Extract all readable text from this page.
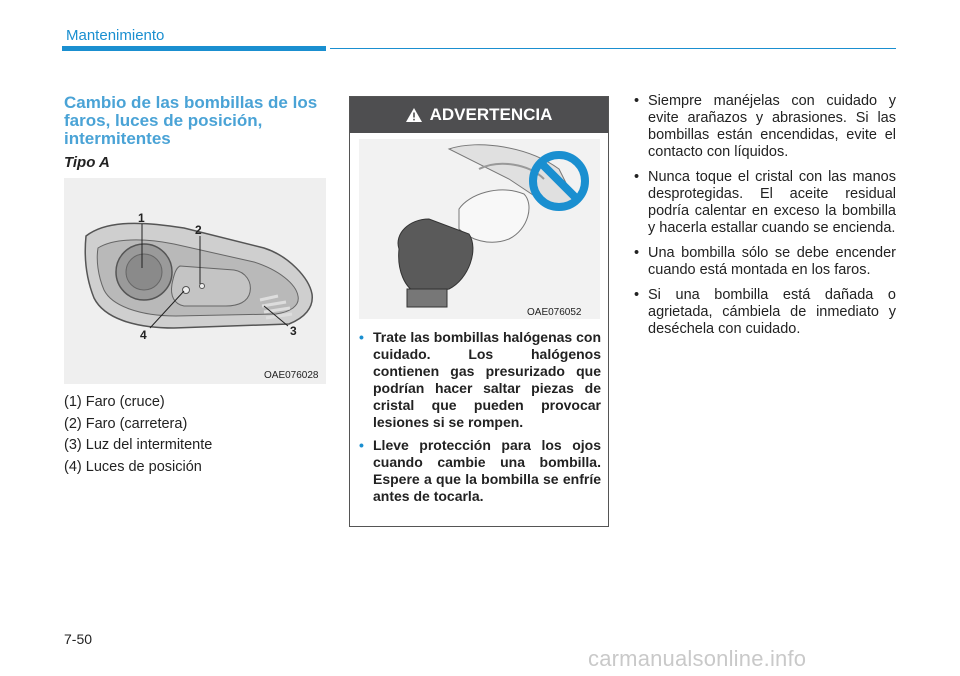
Mantenimiento
Cambio de las bombillas de los faros, luces de posición, intermitentes
Tipo A
1
2
3
4
OAE076028
(1) Faro (cruce)
(2) Faro (carretera)
(3) Luz del intermitente
(4) Luces de posición
ADVERTENCIA
OAE076052
• Trate las bombillas halógenas con cuidado. Los halógenos contienen gas presurizado que podrían hacer saltar piezas de cristal que pueden provocar lesiones si se rompen.
• Lleve protección para los ojos cuando cambie una bombilla. Espere a que la bombilla se enfríe antes de tocarla.
• Siempre manéjelas con cuidado y evite arañazos y abrasiones. Si las bombillas están encendidas, evite el contacto con líquidos.
• Nunca toque el cristal con las manos desprotegidas. El aceite residual podría calentar en exceso la bombilla y hacerla estallar cuando se encienda.
• Una bombilla sólo se debe encender cuando está montada en los faros.
• Si una bombilla está dañada o agrietada, cámbiela de inmediato y deséchela con cuidado.
7-50
carmanualsonline.info
